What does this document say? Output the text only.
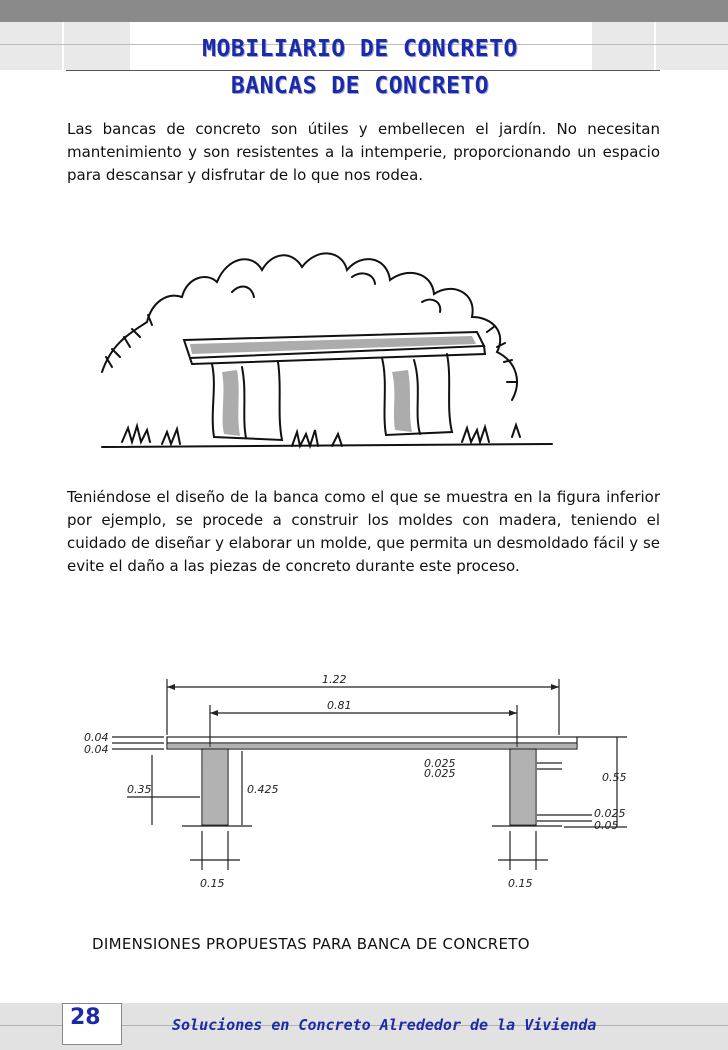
MOBILIARIO DE CONCRETO
BANCAS DE CONCRETO

Las bancas de concreto son útiles y embellecen el jardín. No necesitan mantenimiento y son resistentes a la intemperie, proporcionando un espacio para descansar y disfrutar de lo que nos rodea.

Teniéndose el diseño de la banca como el que se muestra en la figura inferior por ejemplo, se procede a construir los moldes con madera, teniendo el cuidado de diseñar y elaborar un molde, que permita un desmoldado fácil y se evite el daño a las piezas de concreto durante este proceso.

1.22
0.81
0.04
0.04
0.35	0.425
0.025
0.025	0.55
0.025
0.05
0.15	0.15
DIMENSIONES PROPUESTAS PARA BANCA DE CONCRETO
28	Soluciones en Concreto Alrededor de la Vivienda
